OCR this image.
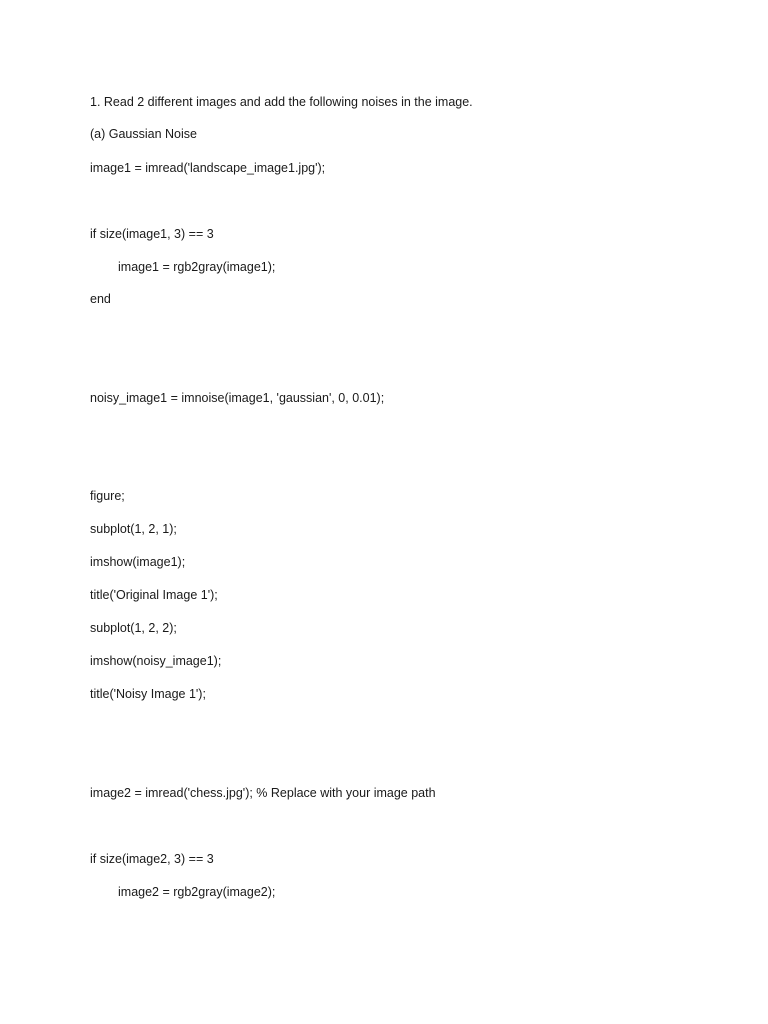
1. Read 2 different images and add the following noises in the image.
(a) Gaussian Noise
image1 = imread('landscape_image1.jpg');
if size(image1, 3) == 3
image1 = rgb2gray(image1);
end
noisy_image1 = imnoise(image1, 'gaussian', 0, 0.01);
figure;
subplot(1, 2, 1);
imshow(image1);
title('Original Image 1');
subplot(1, 2, 2);
imshow(noisy_image1);
title('Noisy Image 1');
image2 = imread('chess.jpg'); % Replace with your image path
if size(image2, 3) == 3
image2 = rgb2gray(image2);
